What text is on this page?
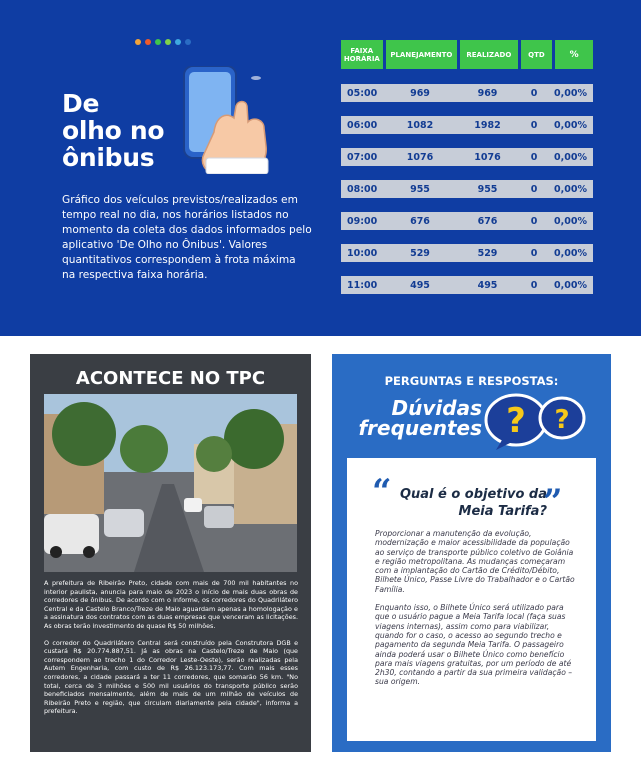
De
olho no
ônibus

Gráfico dos veículos previstos/realizados em tempo real no dia, nos horários listados no momento da coleta dos dados informados pelo aplicativo 'De Olho no Ônibus'. Valores quantitativos correspondem à frota máxima na respectiva faixa horária.

FAIXA HORÁRIA	PLANEJAMENTO	REALIZADO	QTD	%
05:00	969	969	0	0,00%
06:00	1082	1982	0	0,00%
07:00	1076	1076	0	0,00%
08:00	955	955	0	0,00%
09:00	676	676	0	0,00%
10:00	529	529	0	0,00%
11:00	495	495	0	0,00%
ACONTECE NO TPC

A prefeitura de Ribeirão Preto, cidade com mais de 700 mil habitantes no interior paulista, anuncia para maio de 2023 o início de mais duas obras de corredores de ônibus. De acordo com o informe, os corredores do Quadrilátero Central e da Castelo Branco/Treze de Maio aguardam apenas a homologação e a assinatura dos contratos com as duas empresas que venceram as licitações. As obras terão investimento de quase R$ 50 milhões.

O corredor do Quadrilátero Central será construído pela Construtora DGB e custará R$ 20.774.887,51. Já as obras na Castelo/Treze de Maio (que correspondem ao trecho 1 do Corredor Leste-Oeste), serão realizadas pela Autem Engenharia, com custo de R$ 26.123.173,77. Com mais esses corredores, a cidade passará a ter 11 corredores, que somarão 56 km. "No total, cerca de 3 milhões e 500 mil usuários do transporte público serão beneficiados mensalmente, além de mais de um milhão de veículos de Ribeirão Preto e região, que circulam diariamente pela cidade", informa a prefeitura.

PERGUNTAS E RESPOSTAS:
Dúvidas
frequentes ? ?
“ Qual é o objetivo da Meia Tarifa?
”

Proporcionar a manutenção da evolução, modernização e maior acessibilidade da população ao serviço de transporte público coletivo de Goiânia e região metropolitana. As mudanças começaram com a implantação do Cartão de Crédito/Débito, Bilhete Único, Passe Livre do Trabalhador e o Cartão Família.

Enquanto isso, o Bilhete Único será utilizado para que o usuário pague a Meia Tarifa local (faça suas viagens internas), assim como para viabilizar, quando for o caso, o acesso ao segundo trecho e pagamento da segunda Meia Tarifa. O passageiro ainda poderá usar o Bilhete Único como benefício para mais viagens gratuitas, por um período de até 2h30, contando a partir da sua primeira validação – sua origem.
